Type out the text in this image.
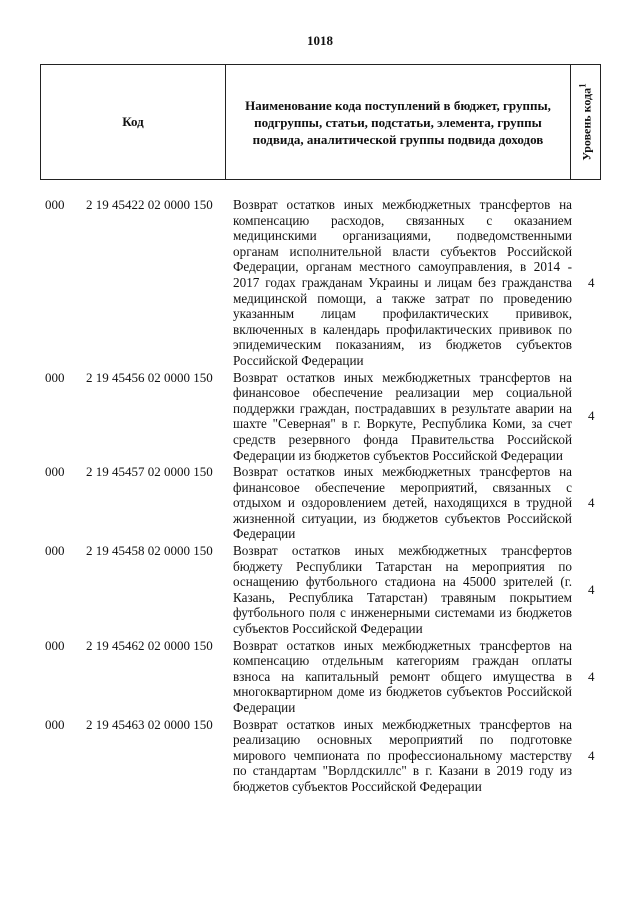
1018
Код
Наименование кода поступлений в бюджет, группы, подгруппы, статьи, подстатьи, элемента, группы подвида, аналитической группы подвида доходов	Уровень кода$^1$
000 2 19 45422 02 0000 150 Возврат остатков иных межбюджетных трансфертов на компенсацию расходов, связанных с оказанием медицинскими организациями, подведомственными органам исполнительной власти субъектов Российской Федерации, органам местного самоуправления, в 2014 - 2017 годах гражданам Украины и лицам без гражданства медицинской помощи, а также затрат по проведению указанным лицам профилактических прививок, включенных в календарь профилактических прививок по эпидемическим показаниям, из бюджетов субъектов Российской Федерации
4
000 2 19 45456 02 0000 150 Возврат остатков иных межбюджетных трансфертов на финансовое обеспечение реализации мер социальной поддержки граждан, пострадавших в результате аварии на шахте "Северная" в г. Воркуте, Республика Коми, за счет средств резервного фонда Правительства Российской Федерации из бюджетов субъектов Российской Федерации
4
000 2 19 45457 02 0000 150 Возврат остатков иных межбюджетных трансфертов на финансовое обеспечение мероприятий, связанных с отдыхом и оздоровлением детей, находящихся в трудной жизненной ситуации, из бюджетов субъектов Российской Федерации
4
000 2 19 45458 02 0000 150 Возврат остатков иных межбюджетных трансфертов бюджету Республики Татарстан на мероприятия по оснащению футбольного стадиона на 45000 зрителей (г. Казань, Республика Татарстан) травяным покрытием футбольного поля с инженерными системами из бюджетов субъектов Российской Федерации
4
000 2 19 45462 02 0000 150 Возврат остатков иных межбюджетных трансфертов на компенсацию отдельным категориям граждан оплаты взноса на капитальный ремонт общего имущества в многоквартирном доме из бюджетов субъектов Российской Федерации
4
000 2 19 45463 02 0000 150 Возврат остатков иных межбюджетных трансфертов на реализацию основных мероприятий по подготовке мирового чемпионата по профессиональному мастерству по стандартам "Ворлдскиллс" в г. Казани в 2019 году из бюджетов субъектов Российской Федерации
4
